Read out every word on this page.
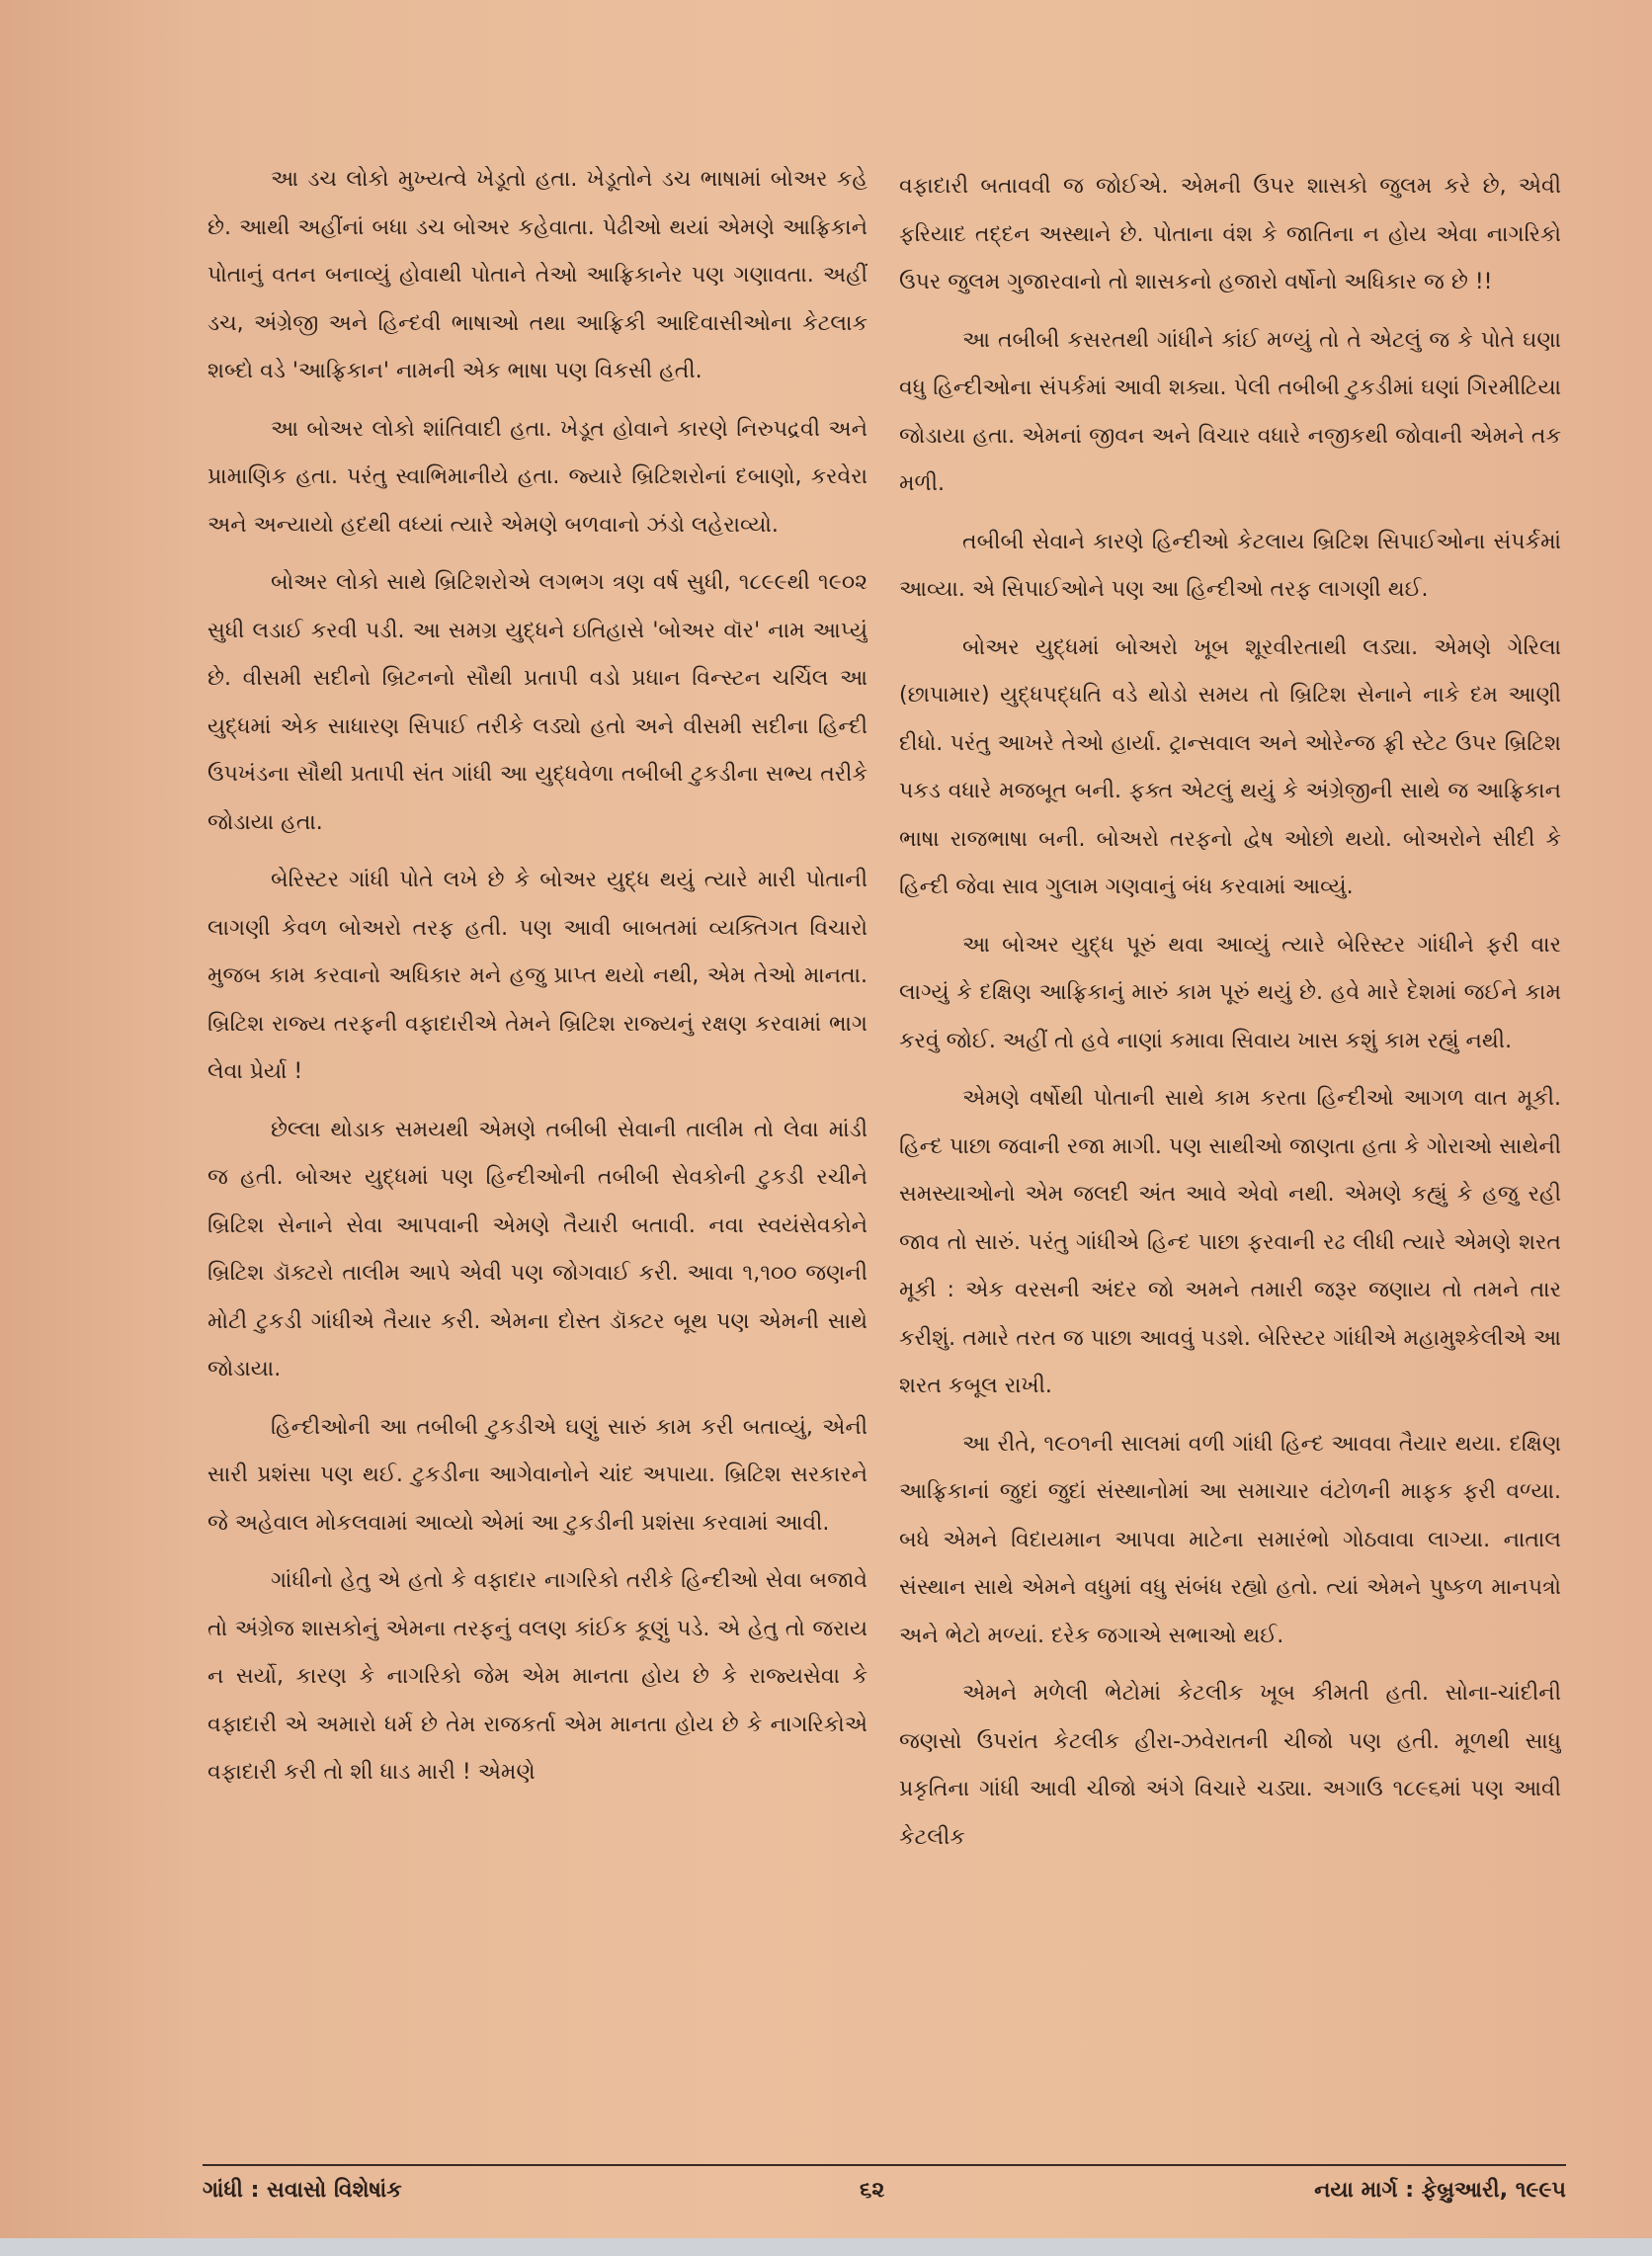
આ ડચ લોકો મુખ્યત્વે ખેડૂતો હતા. ખેડૂતોને ડચ ભાષામાં બોઅર કહે છે. આથી અહીંનાં બધા ડચ બોઅર કહેવાતા. પેઢીઓ થયાં એમણે આફ્રિકાને પોતાનું વતન બનાવ્યું હોવાથી પોતાને તેઓ આફ્રિકાનેર પણ ગણાવતા. અહીં ડચ, અંગ્રેજી અને હિન્દવી ભાષાઓ તથા આફ્રિકી આદિવાસીઓના કેટલાક શબ્દો વડે 'આફ્રિકાન' નામની એક ભાષા પણ વિકસી હતી.

આ બોઅર લોકો શાંતિવાદી હતા. ખેડૂત હોવાને કારણે નિરુપદ્રવી અને પ્રામાણિક હતા. પરંતુ સ્વાભિમાનીયે હતા. જ્યારે બ્રિટિશરોનાં દબાણો, કરવેરા અને અન્યાયો હદથી વધ્યાં ત્યારે એમણે બળવાનો ઝંડો લહેરાવ્યો.

બોઅર લોકો સાથે બ્રિટિશરોએ લગભગ ત્રણ વર્ષ સુધી, ૧૮૯૯થી ૧૯૦૨ સુધી લડાઈ કરવી પડી. આ સમગ્ર યુદ્ધને ઇતિહાસે 'બોઅર વૉર' નામ આપ્યું છે. વીસમી સદીનો બ્રિટનનો સૌથી પ્રતાપી વડો પ્રધાન વિન્સ્ટન ચર્ચિલ આ યુદ્ધમાં એક સાધારણ સિપાઈ તરીકે લડ્યો હતો અને વીસમી સદીના હિન્દી ઉપખંડના સૌથી પ્રતાપી સંત ગાંધી આ યુદ્ધવેળા તબીબી ટુકડીના સભ્ય તરીકે જોડાયા હતા.

બેરિસ્ટર ગાંધી પોતે લખે છે કે બોઅર યુદ્ધ થયું ત્યારે મારી પોતાની લાગણી કેવળ બોઅરો તરફ હતી. પણ આવી બાબતમાં વ્યક્તિગત વિચારો મુજબ કામ કરવાનો અધિકાર મને હજુ પ્રાપ્ત થયો નથી, એમ તેઓ માનતા. બ્રિટિશ રાજ્ય તરફની વફાદારીએ તેમને બ્રિટિશ રાજ્યનું રક્ષણ કરવામાં ભાગ લેવા પ્રેર્યા !

છેલ્લા થોડાક સમયથી એમણે તબીબી સેવાની તાલીમ તો લેવા માંડી જ હતી. બોઅર યુદ્ધમાં પણ હિન્દીઓની તબીબી સેવકોની ટુકડી રચીને બ્રિટિશ સેનાને સેવા આપવાની એમણે તૈયારી બતાવી. નવા સ્વયંસેવકોને બ્રિટિશ ડૉક્ટરો તાલીમ આપે એવી પણ જોગવાઈ કરી. આવા ૧,૧૦૦ જણની મોટી ટુકડી ગાંધીએ તૈયાર કરી. એમના દોસ્ત ડૉક્ટર બૂથ પણ એમની સાથે જોડાયા.

હિન્દીઓની આ તબીબી ટુકડીએ ઘણું સારું કામ કરી બતાવ્યું, એની સારી પ્રશંસા પણ થઈ. ટુકડીના આગેવાનોને ચાંદ અપાયા. બ્રિટિશ સરકારને જે અહેવાલ મોકલવામાં આવ્યો એમાં આ ટુકડીની પ્રશંસા કરવામાં આવી.

ગાંધીનો હેતુ એ હતો કે વફાદાર નાગરિકો તરીકે હિન્દીઓ સેવા બજાવે તો અંગ્રેજ શાસકોનું એમના તરફનું વલણ કાંઈક કૂણું પડે. એ હેતુ તો જરાય ન સર્યો, કારણ કે નાગરિકો જેમ એમ માનતા હોય છે કે રાજ્યસેવા કે વફાદારી એ અમારો ધર્મ છે તેમ રાજકર્તા એમ માનતા હોય છે કે નાગરિકોએ વફાદારી કરી તો શી ધાડ મારી ! એમણે

વફાદારી બતાવવી જ જોઈએ. એમની ઉપર શાસકો જુલમ કરે છે, એવી ફરિયાદ તદ્દન અસ્થાને છે. પોતાના વંશ કે જાતિના ન હોય એવા નાગરિકો ઉપર જુલમ ગુજારવાનો તો શાસકનો હજારો વર્ષોનો અધિકાર જ છે !!

આ તબીબી કસરતથી ગાંધીને કાંઈ મળ્યું તો તે એટલું જ કે પોતે ઘણા વધુ હિન્દીઓના સંપર્કમાં આવી શક્યા. પેલી તબીબી ટુકડીમાં ઘણાં ગિરમીટિયા જોડાયા હતા. એમનાં જીવન અને વિચાર વધારે નજીકથી જોવાની એમને તક મળી.

તબીબી સેવાને કારણે હિન્દીઓ કેટલાય બ્રિટિશ સિપાઈઓના સંપર્કમાં આવ્યા. એ સિપાઈઓને પણ આ હિન્દીઓ તરફ લાગણી થઈ.

બોઅર યુદ્ધમાં બોઅરો ખૂબ શૂરવીરતાથી લડ્યા. એમણે ગેરિલા (છાપામાર) યુદ્ધપદ્ધતિ વડે થોડો સમય તો બ્રિટિશ સેનાને નાકે દમ આણી દીધો. પરંતુ આખરે તેઓ હાર્યા. ટ્રાન્સવાલ અને ઓરેન્જ ફ્રી સ્ટેટ ઉપર બ્રિટિશ પકડ વધારે મજબૂત બની. ફક્ત એટલું થયું કે અંગ્રેજીની સાથે જ આફ્રિકાન ભાષા રાજભાષા બની. બોઅરો તરફનો દ્વેષ ઓછો થયો. બોઅરોને સીદી કે હિન્દી જેવા સાવ ગુલામ ગણવાનું બંધ કરવામાં આવ્યું.

આ બોઅર યુદ્ધ પૂરું થવા આવ્યું ત્યારે બેરિસ્ટર ગાંધીને ફરી વાર લાગ્યું કે દક્ષિણ આફ્રિકાનું મારું કામ પૂરું થયું છે. હવે મારે દેશમાં જઈને કામ કરવું જોઈ. અહીં તો હવે નાણાં કમાવા સિવાય ખાસ કશું કામ રહ્યું નથી.

એમણે વર્ષોથી પોતાની સાથે કામ કરતા હિન્દીઓ આગળ વાત મૂકી. હિન્દ પાછા જવાની રજા માગી. પણ સાથીઓ જાણતા હતા કે ગોરાઓ સાથેની સમસ્યાઓનો એમ જલદી અંત આવે એવો નથી. એમણે કહ્યું કે હજુ રહી જાવ તો સારું. પરંતુ ગાંધીએ હિન્દ પાછા ફરવાની રઢ લીધી ત્યારે એમણે શરત મૂકી : એક વરસની અંદર જો અમને તમારી જરૂર જણાય તો તમને તાર કરીશું. તમારે તરત જ પાછા આવવું પડશે. બેરિસ્ટર ગાંધીએ મહામુશ્કેલીએ આ શરત કબૂલ રાખી.

આ રીતે, ૧૯૦૧ની સાલમાં વળી ગાંધી હિન્દ આવવા તૈયાર થયા. દક્ષિણ આફ્રિકાનાં જુદાં જુદાં સંસ્થાનોમાં આ સમાચાર વંટોળની માફક ફરી વળ્યા. બધે એમને વિદાયમાન આપવા માટેના સમારંભો ગોઠવાવા લાગ્યા. નાતાલ સંસ્થાન સાથે એમને વધુમાં વધુ સંબંધ રહ્યો હતો. ત્યાં એમને પુષ્કળ માનપત્રો અને ભેટો મળ્યાં. દરેક જગાએ સભાઓ થઈ.

એમને મળેલી ભેટોમાં કેટલીક ખૂબ કીમતી હતી. સોના-ચાંદીની જણસો ઉપરાંત કેટલીક હીરા-ઝવેરાતની ચીજો પણ હતી. મૂળથી સાધુ પ્રકૃતિના ગાંધી આવી ચીજો અંગે વિચારે ચડ્યા. અગાઉ ૧૮૯૬માં પણ આવી કેટલીક

ગાંધી : સવાસો વિશેષાંક	૬૨	નયા માર્ગ : ફેબ્રુઆરી, ૧૯૯૫
